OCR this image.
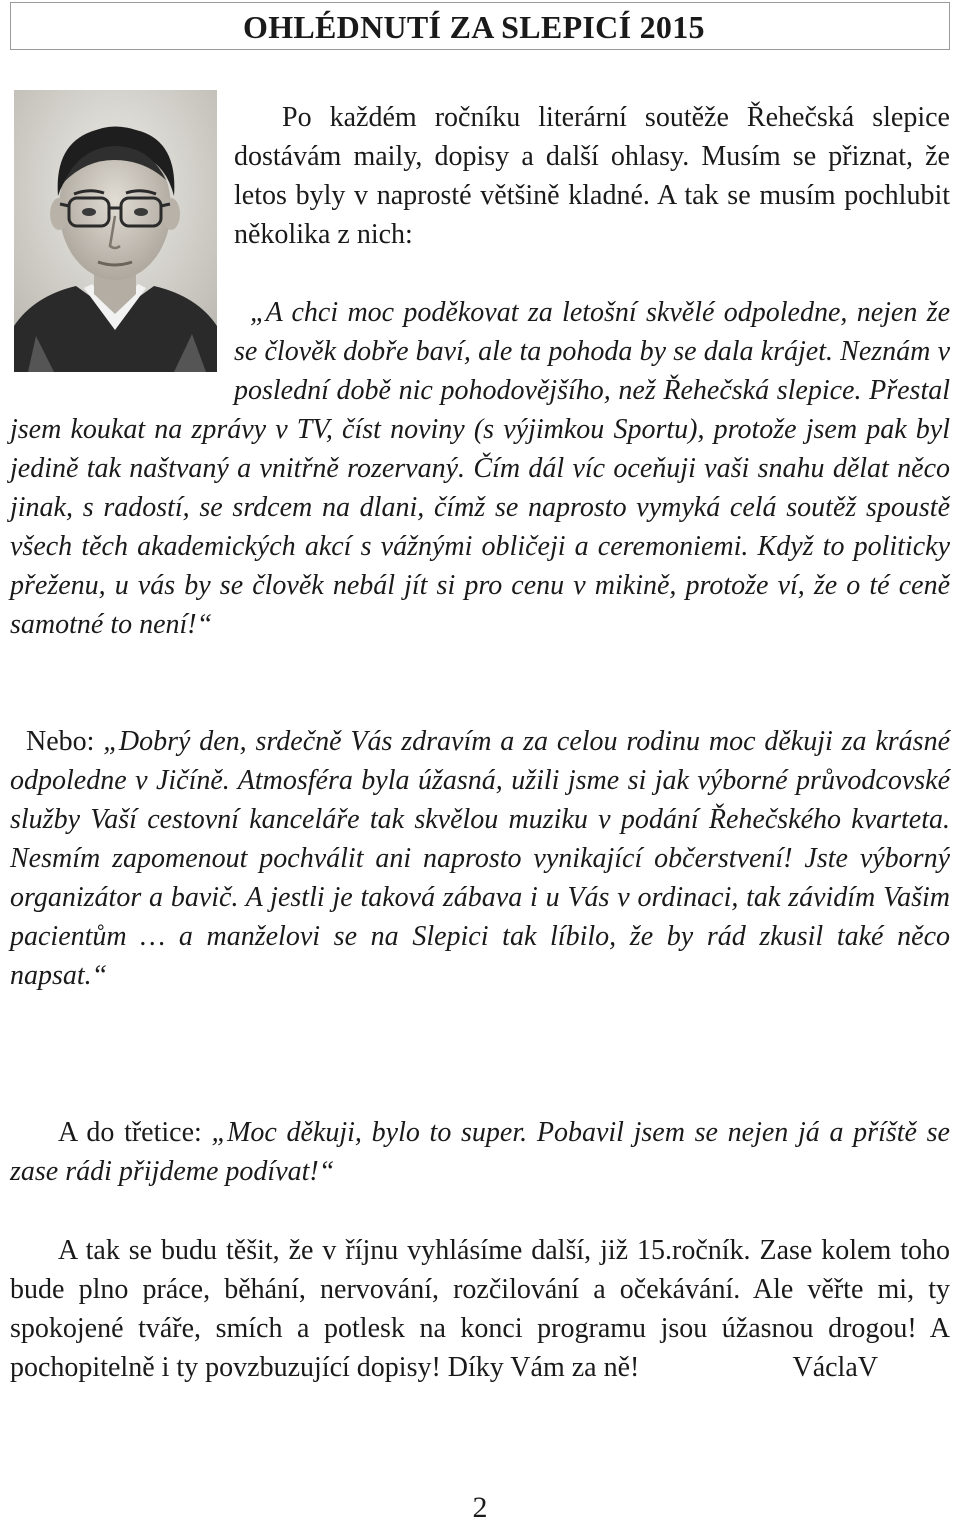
OHLÉDNUTÍ ZA SLEPICÍ 2015
Po každém ročníku literární soutěže Řehečská slepice dostávám maily, dopisy a další ohlasy. Musím se přiznat, že letos byly v naprosté většině kladné. A tak se musím pochlubit několika z nich:
„A chci moc poděkovat za letošní skvělé odpoledne, nejen že se člověk dobře baví, ale ta pohoda by se dala krájet. Neznám v poslední době nic pohodovějšího, než Řehečská slepice. Přestal jsem koukat na zprávy v TV, číst noviny (s výjimkou Sportu), protože jsem pak byl jedině tak naštvaný a vnitřně rozervaný. Čím dál víc oceňuji vaši snahu dělat něco jinak, s radostí, se srdcem na dlani, čímž se naprosto vymyká celá soutěž spoustě všech těch akademických akcí s vážnými obličeji a ceremoniemi. Když to politicky přeženu, u vás by se člověk nebál jít si pro cenu v mikině, protože ví, že o té ceně samotné to není!“
Nebo: „Dobrý den, srdečně Vás zdravím a za celou rodinu moc děkuji za krásné odpoledne v Jičíně. Atmosféra byla úžasná, užili jsme si jak výborné průvodcovské služby Vaší cestovní kanceláře tak skvělou muziku v podání Řehečského kvarteta. Nesmím zapomenout pochválit ani naprosto vynikající občerstvení! Jste výborný organizátor a bavič. A jestli je taková zábava i u Vás v ordinaci, tak závidím Vašim pacientům … a manželovi se na Slepici tak líbilo, že by rád zkusil také něco napsat.“
A do třetice: „Moc děkuji, bylo to super. Pobavil jsem se nejen já a příště se zase rádi přijdeme podívat!“
A tak se budu těšit, že v říjnu vyhlásíme další, již 15.ročník. Zase kolem toho bude plno práce, běhání, nervování, rozčilování a očekávání. Ale věřte mi, ty spokojené tváře, smích a potlesk na konci programu jsou úžasnou drogou! A pochopitelně i ty povzbuzující dopisy! Díky Vám za ně!	VáclaV
2
